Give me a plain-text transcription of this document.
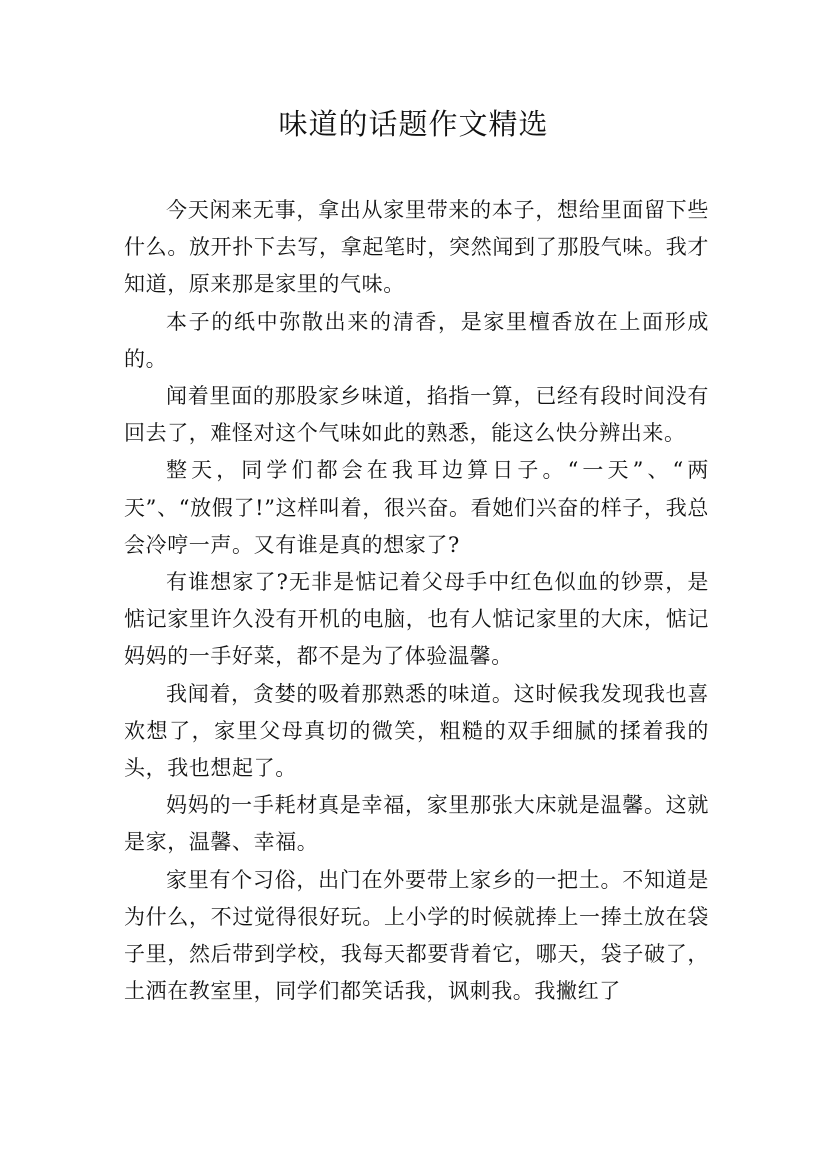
味道的话题作文精选

今天闲来无事，拿出从家里带来的本子，想给里面留下些什么。放开扑下去写，拿起笔时，突然闻到了那股气味。我才知道，原来那是家里的气味。

本子的纸中弥散出来的清香，是家里檀香放在上面形成的。

闻着里面的那股家乡味道，掐指一算，已经有段时间没有回去了，难怪对这个气味如此的熟悉，能这么快分辨出来。

整天，同学们都会在我耳边算日子。“一天”、“两天”、“放假了!”这样叫着，很兴奋。看她们兴奋的样子，我总会冷哼一声。又有谁是真的想家了?

有谁想家了?无非是惦记着父母手中红色似血的钞票，是惦记家里许久没有开机的电脑，也有人惦记家里的大床，惦记妈妈的一手好菜，都不是为了体验温馨。

我闻着，贪婪的吸着那熟悉的味道。这时候我发现我也喜欢想了，家里父母真切的微笑，粗糙的双手细腻的揉着我的头，我也想起了。

妈妈的一手耗材真是幸福，家里那张大床就是温馨。这就是家，温馨、幸福。

家里有个习俗，出门在外要带上家乡的一把土。不知道是为什么，不过觉得很好玩。上小学的时候就捧上一捧土放在袋子里，然后带到学校，我每天都要背着它，哪天，袋子破了，土洒在教室里，同学们都笑话我，讽刺我。我撇红了
